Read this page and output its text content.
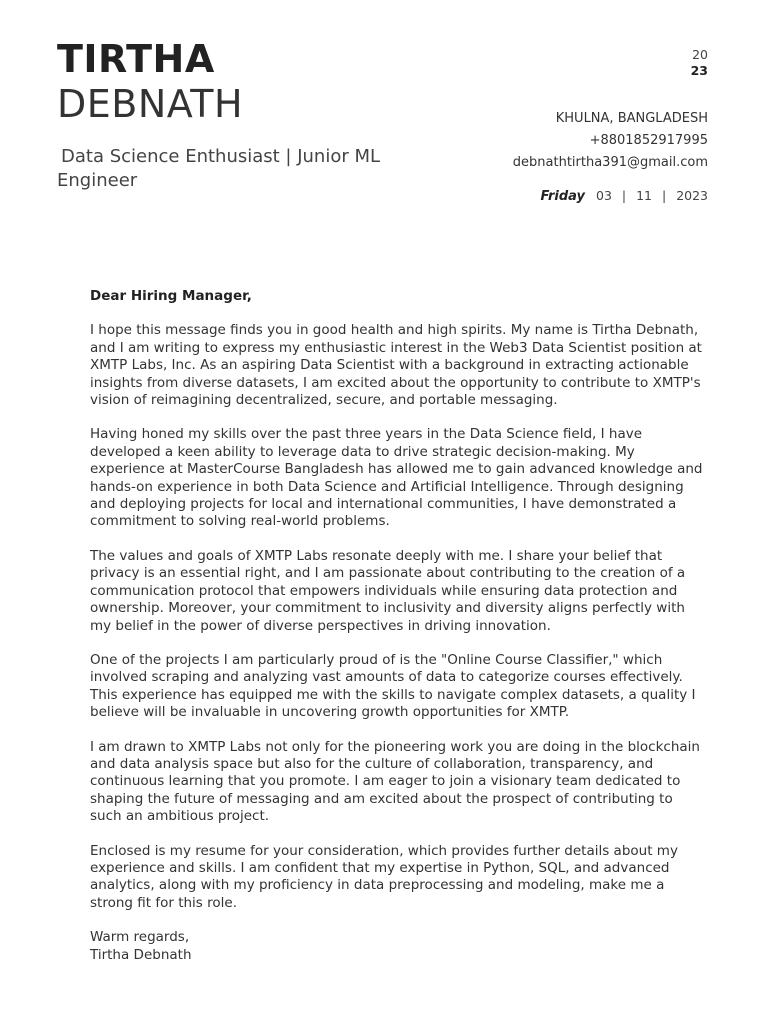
TIRTHA
DEBNATH
Data Science Enthusiast | Junior ML Engineer
20
23
KHULNA, BANGLADESH
+8801852917995
debnathtirtha391@gmail.com
Friday 03 | 11 | 2023

Dear Hiring Manager,

I hope this message finds you in good health and high spirits. My name is Tirtha Debnath, and I am writing to express my enthusiastic interest in the Web3 Data Scientist position at XMTP Labs, Inc. As an aspiring Data Scientist with a background in extracting actionable insights from diverse datasets, I am excited about the opportunity to contribute to XMTP's vision of reimagining decentralized, secure, and portable messaging.

Having honed my skills over the past three years in the Data Science field, I have developed a keen ability to leverage data to drive strategic decision-making. My experience at MasterCourse Bangladesh has allowed me to gain advanced knowledge and hands-on experience in both Data Science and Artificial Intelligence. Through designing and deploying projects for local and international communities, I have demonstrated a commitment to solving real-world problems.

The values and goals of XMTP Labs resonate deeply with me. I share your belief that privacy is an essential right, and I am passionate about contributing to the creation of a communication protocol that empowers individuals while ensuring data protection and ownership. Moreover, your commitment to inclusivity and diversity aligns perfectly with my belief in the power of diverse perspectives in driving innovation.

One of the projects I am particularly proud of is the "Online Course Classifier," which involved scraping and analyzing vast amounts of data to categorize courses effectively. This experience has equipped me with the skills to navigate complex datasets, a quality I believe will be invaluable in uncovering growth opportunities for XMTP.

I am drawn to XMTP Labs not only for the pioneering work you are doing in the blockchain and data analysis space but also for the culture of collaboration, transparency, and continuous learning that you promote. I am eager to join a visionary team dedicated to shaping the future of messaging and am excited about the prospect of contributing to such an ambitious project.

Enclosed is my resume for your consideration, which provides further details about my experience and skills. I am confident that my expertise in Python, SQL, and advanced analytics, along with my proficiency in data preprocessing and modeling, make me a strong fit for this role.

Warm regards,

Tirtha Debnath
